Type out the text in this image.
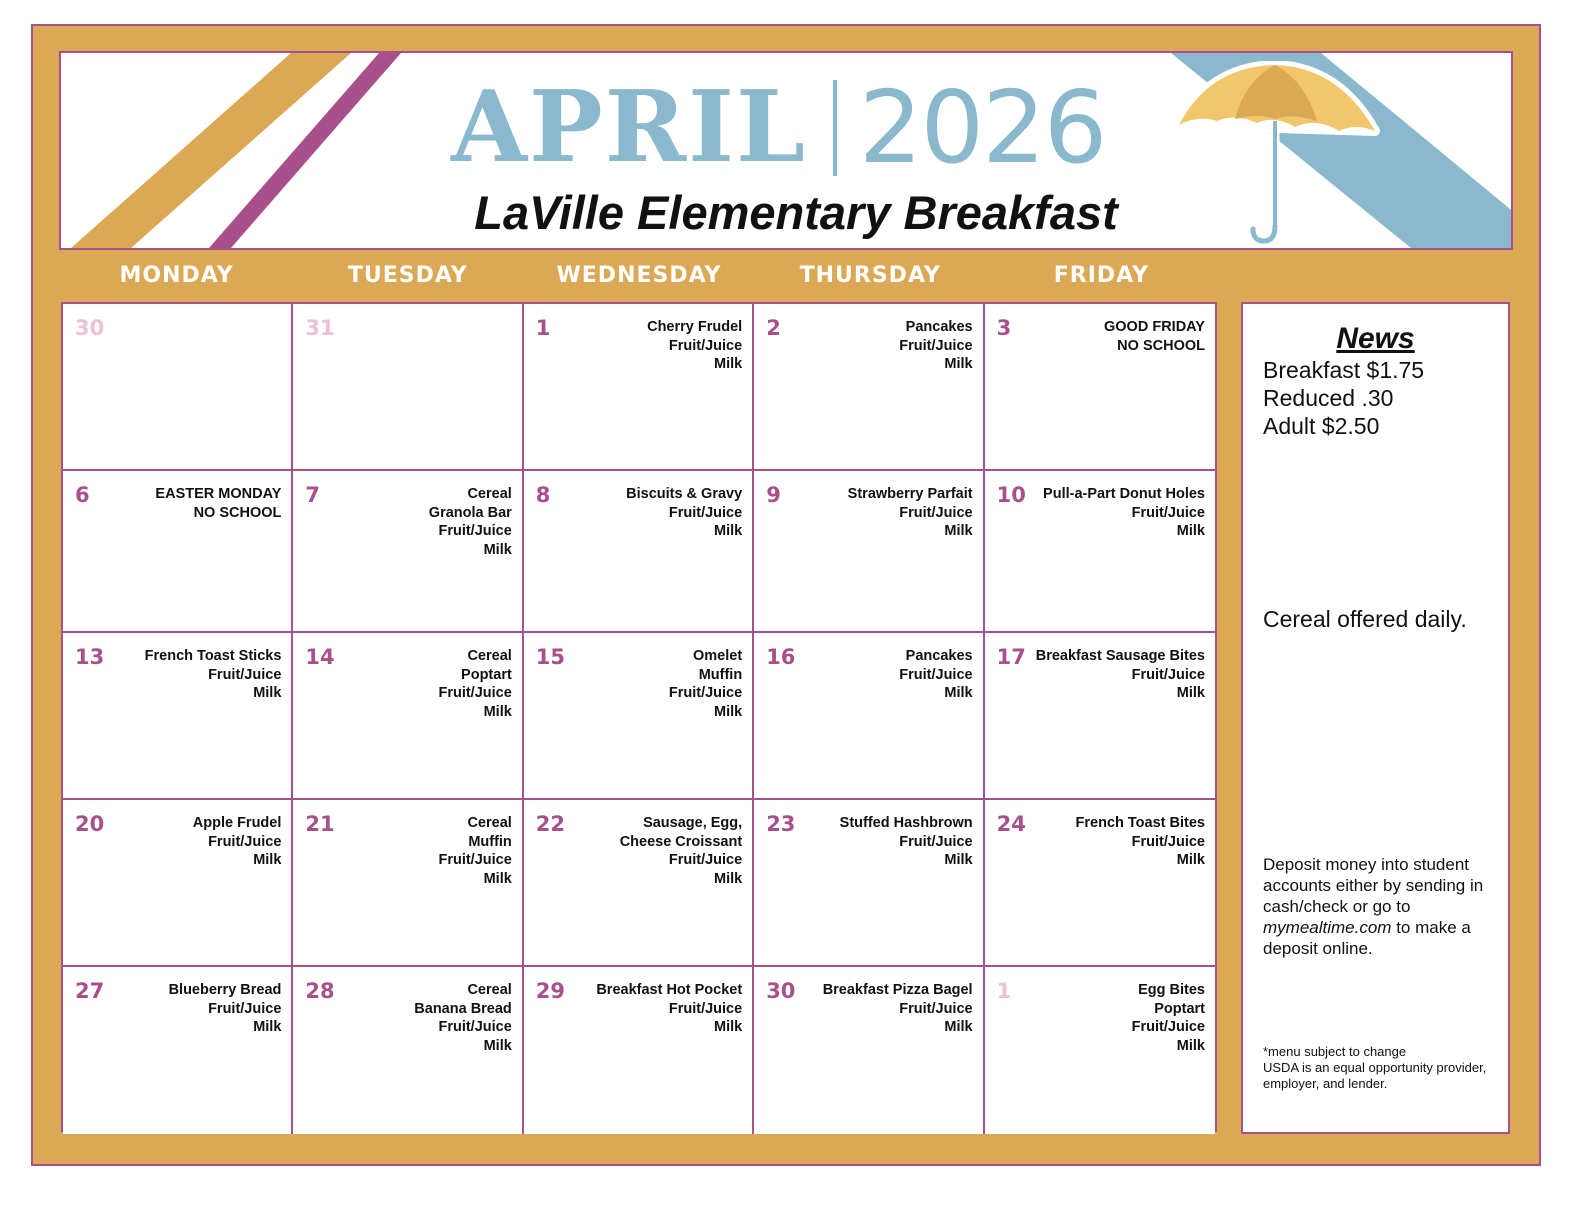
APRIL 2026
LaVille Elementary Breakfast
MONDAY	TUESDAY	WEDNESDAY	THURSDAY	FRIDAY
30	31	1	Cherry Frudel
Fruit/Juice
Milk
2	Pancakes
Fruit/Juice
Milk
3	GOOD FRIDAY
NO SCHOOL
6	EASTER MONDAY
NO SCHOOL
7	Cereal
Granola Bar
Fruit/Juice
Milk
8	Biscuits & Gravy
Fruit/Juice
Milk
9	Strawberry Parfait
Fruit/Juice
Milk
10 Pull-a-Part Donut Holes
Fruit/Juice
Milk
13	French Toast Sticks
Fruit/Juice
Milk
14	Cereal
Poptart
Fruit/Juice
Milk
15	Omelet
Muffin
Fruit/Juice
Milk
16	Pancakes
Fruit/Juice
Milk
17 Breakfast Sausage Bites
Fruit/Juice
Milk
20	Apple Frudel
Fruit/Juice
Milk
21	Cereal
Muffin
Fruit/Juice
Milk
22	Sausage, Egg,
Cheese Croissant
Fruit/Juice
Milk
23	Stuffed Hashbrown
Fruit/Juice
Milk
24	French Toast Bites
Fruit/Juice
Milk
27	Blueberry Bread
Fruit/Juice
Milk
28	Cereal
Banana Bread
Fruit/Juice
Milk
29 Breakfast Hot Pocket
Fruit/Juice
Milk
30 Breakfast Pizza Bagel
Fruit/Juice
Milk
1	Egg Bites
Poptart
Fruit/Juice
Milk
News
Breakfast $1.75
Reduced .30
Adult $2.50
Cereal offered daily.
Deposit money into student accounts either by sending in cash/check or go to mymealtime.com to make a deposit online.
*menu subject to change
USDA is an equal opportunity provider, employer, and lender.
